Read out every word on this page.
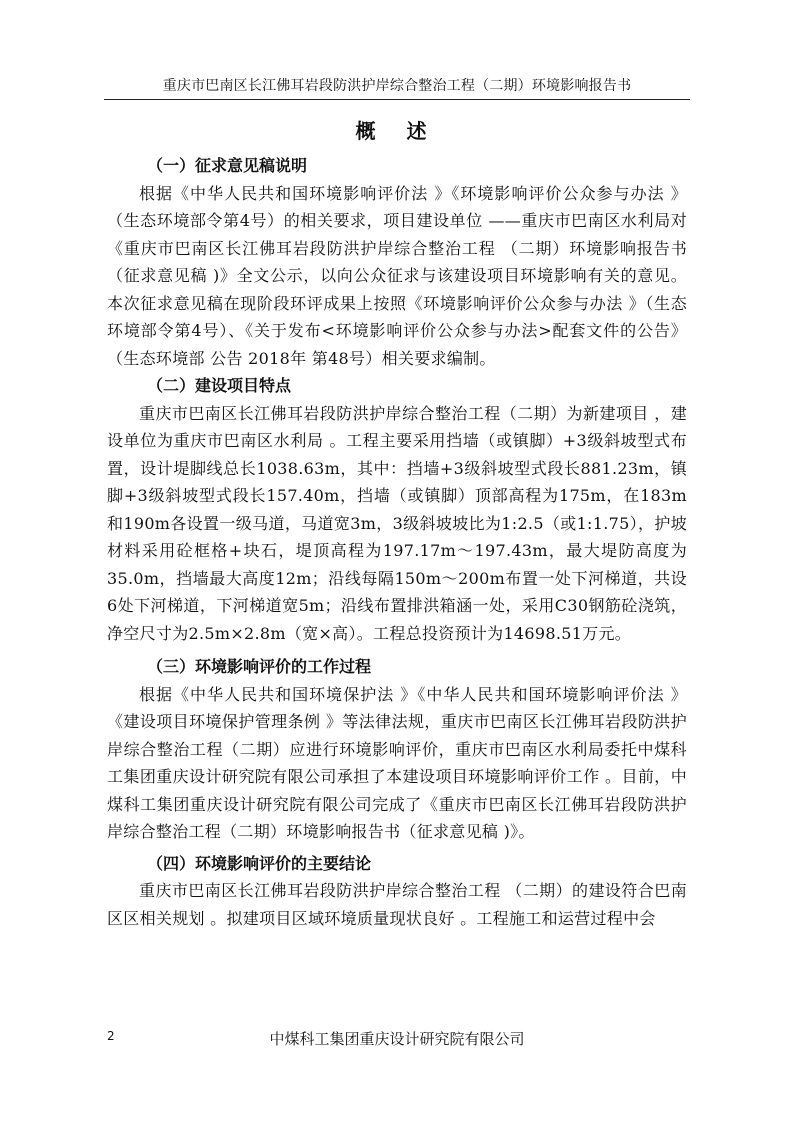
重庆市巴南区长江佛耳岩段防洪护岸综合整治工程（二期）环境影响报告书
概 述

（一）征求意见稿说明

根据《中华人民共和国环境影响评价法 》《环境影响评价公众参与办法 》（生态环境部令第4号）的相关要求，项目建设单位 ——重庆市巴南区水利局对《重庆市巴南区长江佛耳岩段防洪护岸综合整治工程 （二期）环境影响报告书（征求意见稿 )》全文公示，以向公众征求与该建设项目环境影响有关的意见。本次征求意见稿在现阶段环评成果上按照《环境影响评价公众参与办法 》（生态环境部令第4号）、《关于发布<环境影响评价公众参与办法>配套文件的公告》（生态环境部 公告 2018年 第48号）相关要求编制。

（二）建设项目特点

重庆市巴南区长江佛耳岩段防洪护岸综合整治工程（二期）为新建项目 ，建设单位为重庆市巴南区水利局 。工程主要采用挡墙（或镇脚）+3级斜坡型式布置，设计堤脚线总长1038.63m，其中：挡墙+3级斜坡型式段长881.23m，镇脚+3级斜坡型式段长157.40m，挡墙（或镇脚）顶部高程为175m，在183m和190m各设置一级马道，马道宽3m，3级斜坡坡比为1:2.5（或1:1.75），护坡材料采用砼框格+块石，堤顶高程为197.17m～197.43m，最大堤防高度为35.0m，挡墙最大高度12m；沿线每隔150m～200m布置一处下河梯道，共设6处下河梯道，下河梯道宽5m；沿线布置排洪箱涵一处，采用C30钢筋砼浇筑，净空尺寸为2.5m×2.8m（宽×高）。工程总投资预计为14698.51万元。

（三）环境影响评价的工作过程

根据《中华人民共和国环境保护法 》《中华人民共和国环境影响评价法 》《建设项目环境保护管理条例 》等法律法规，重庆市巴南区长江佛耳岩段防洪护岸综合整治工程（二期）应进行环境影响评价，重庆市巴南区水利局委托中煤科工集团重庆设计研究院有限公司承担了本建设项目环境影响评价工作 。目前，中煤科工集团重庆设计研究院有限公司完成了《重庆市巴南区长江佛耳岩段防洪护岸综合整治工程（二期）环境影响报告书（征求意见稿 )》。

（四）环境影响评价的主要结论

重庆市巴南区长江佛耳岩段防洪护岸综合整治工程 （二期）的建设符合巴南区区相关规划 。拟建项目区域环境质量现状良好 。工程施工和运营过程中会

2	中煤科工集团重庆设计研究院有限公司
